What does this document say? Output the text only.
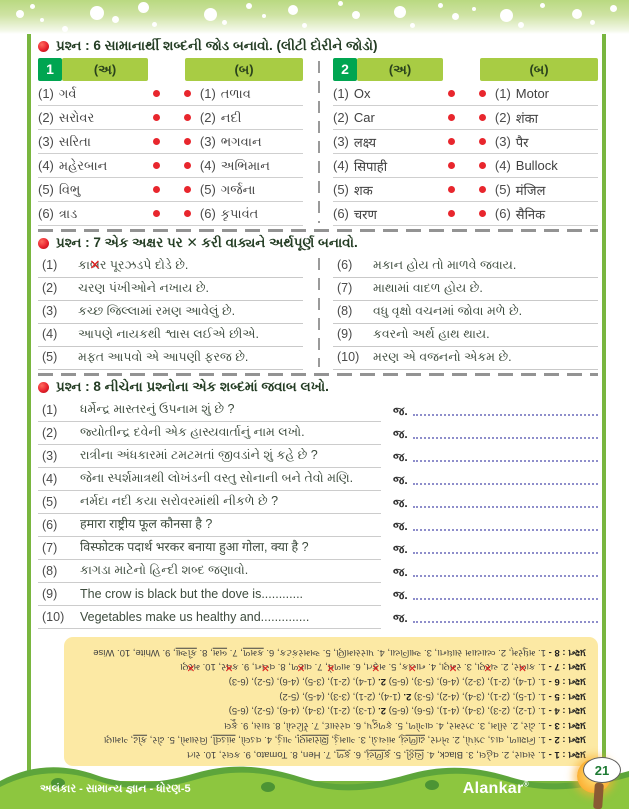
પ્રશ્ન : 6 સામાનાર્થી શબ્દની જોડ બનાવો. (લીટી દોરીને જોડો)
1	(અ)	(બ)
(1) ગર્વ	(1) તળાવ
(2) સરોવર	(2) નદી
(3) સરિતા	(3) ભગવાન
(4) મહેરબાન	(4) અભિમાન
(5) વિભુ	(5) ગર્જના
(6) ત્રાડ	(6) કૃપાવંત
2	(અ)	(બ)
(1) Ox	(1) Motor
(2) Car	(2) शंका
(3) लक्ष्य	(3) पैर
(4) सिपाही	(4) Bullock
(5) शक	(5) मंजिल
(6) चरण	(6) सैनिक
પ્રશ્ન : 7 એક અક્ષર પર ✕ કરી વાક્યને અર્થપૂર્ણ બનાવો.
(1)	કાબ ✕ર પૂરઝડપે દોડે છે.
(2)	ચરણ પંખીઓને નખાય છે.
(3)	કચ્છ જિલ્લામાં રમણ આવેલું છે.
(4)	આપણે નાયકથી શ્વાસ લઈએ છીએ.
(5)	મફત આપવો એ આપણી ફરજ છે.
(6)	મકાન હોય તો માળવે જવાય.
(7)	માથામાં વાદળ હોય છે.
(8)	વધુ વૃક્ષો વચનમાં જોવા મળે છે.
(9)	કવરનો અર્થ હાથ થાય.
(10)	મરણ એ વજનનો એકમ છે.
પ્રશ્ન : 8 નીચેના પ્રશ્નોના એક શબ્દમાં જવાબ લખો.
(1)	ધર્મેન્દ્ર માસ્તરનું ઉપનામ શું છે ?	જ.
(2)	જ્યોતીન્દ્ર દવેની એક હાસ્યવાર્તાનું નામ લખો.	જ.
(3)	રાત્રીના અંધકારમાં ટમટમતાં જીવડાંને શું કહે છે ?	જ.
(4)	જેના સ્પર્શમાત્રથી લોખંડની વસ્તુ સોનાની બને તેવો મણિ.	જ.
(5)	નર્મદા નદી કયા સરોવરમાંથી નીકળે છે ?	જ.
(6)	हमारा राष्ट्रीय फूल कौनसा है ?	જ.
(7)	विस्फोटक पदार्थ भरकर बनाया हुआ गोला, क्या है ?	જ.
(8)	કાગડા માટેનો હિન્દી શબ્દ જણાવો.	જ.
(9)	The crow is black but the dove is............	જ.
(10)	Vegetables make us healthy and..............	જ.
પ્રશ્ન : 1 - 1. સવાર, 2. વહેલ, 3. Black, 4. ચિઠ્ઠી, 5. ફળિયું, 6. ફળ, 7. Hen, 8. Tomato, 9. કલર, 10. રાત
પ્રશ્ન : 2 - 1. નિશાળ, વાડ, ઝાંપો, 2. ખેતર, ઢાળિયું, માંચડો, 3. ગામડું, શિરામણ, ગાડું, 4. વડલો, માંડવી, વિસામો, 5. ઢોર, કોઢ, ગમાણ
પ્રશ્ન : 3 - 1. ઢોર, 2. સીમ, 3. ઝરમર, 4. વાગોળ, 5. ફળદ્રુપ, 6. વરસાદ, 7. રેંટિયો, 8. ઘાસ, 9. ફૂલ
પ્રશ્ન : 4 - 1. (1-2), (2-3), (3-4), (4-1), (5-6), (6-5) 2. (1-3), (2-1), (3-4), (4-6), (5-2), (6-5)
પ્રશ્ન : 5 - 1. (1-5), (2-1), (3-4), (4-2), (5-3) 2. (1-4), (2-1), (3-3), (4-5), (5-2)
પ્રશ્ન : 6 - 1. (1-4), (2-1), (3-2), (4-6), (5-3), (6-5) 2. (1-4), (2-1), (3-5), (4-6), (5-2), (6-3)
પ્રશ્ન : 7 - 1. કાબ ✕ર, 2. ચર ✕ણ, 3. રમ ✕ણ, 4. નાય ✕ક, 5. મફ ✕ત, 6. માળવે ✕, 7. વાદ ✕ળ, 8. વચ ✕ન, 9. કવ ✕ર, 10. મર ✕ણ
પ્રશ્ન : 8 - 1. મધુરમ્, 2. વ્યાયામ સાધના, 3. આગિયા, 4. પારસમણિ, 5. અમરકંટક, 6. કમળ, 7. બમ, 8. કૌઆ, 9. White, 10. Wise
અલંકાર - સામાન્ય જ્ઞાન - ધોરણ-5	Alankar®
21
